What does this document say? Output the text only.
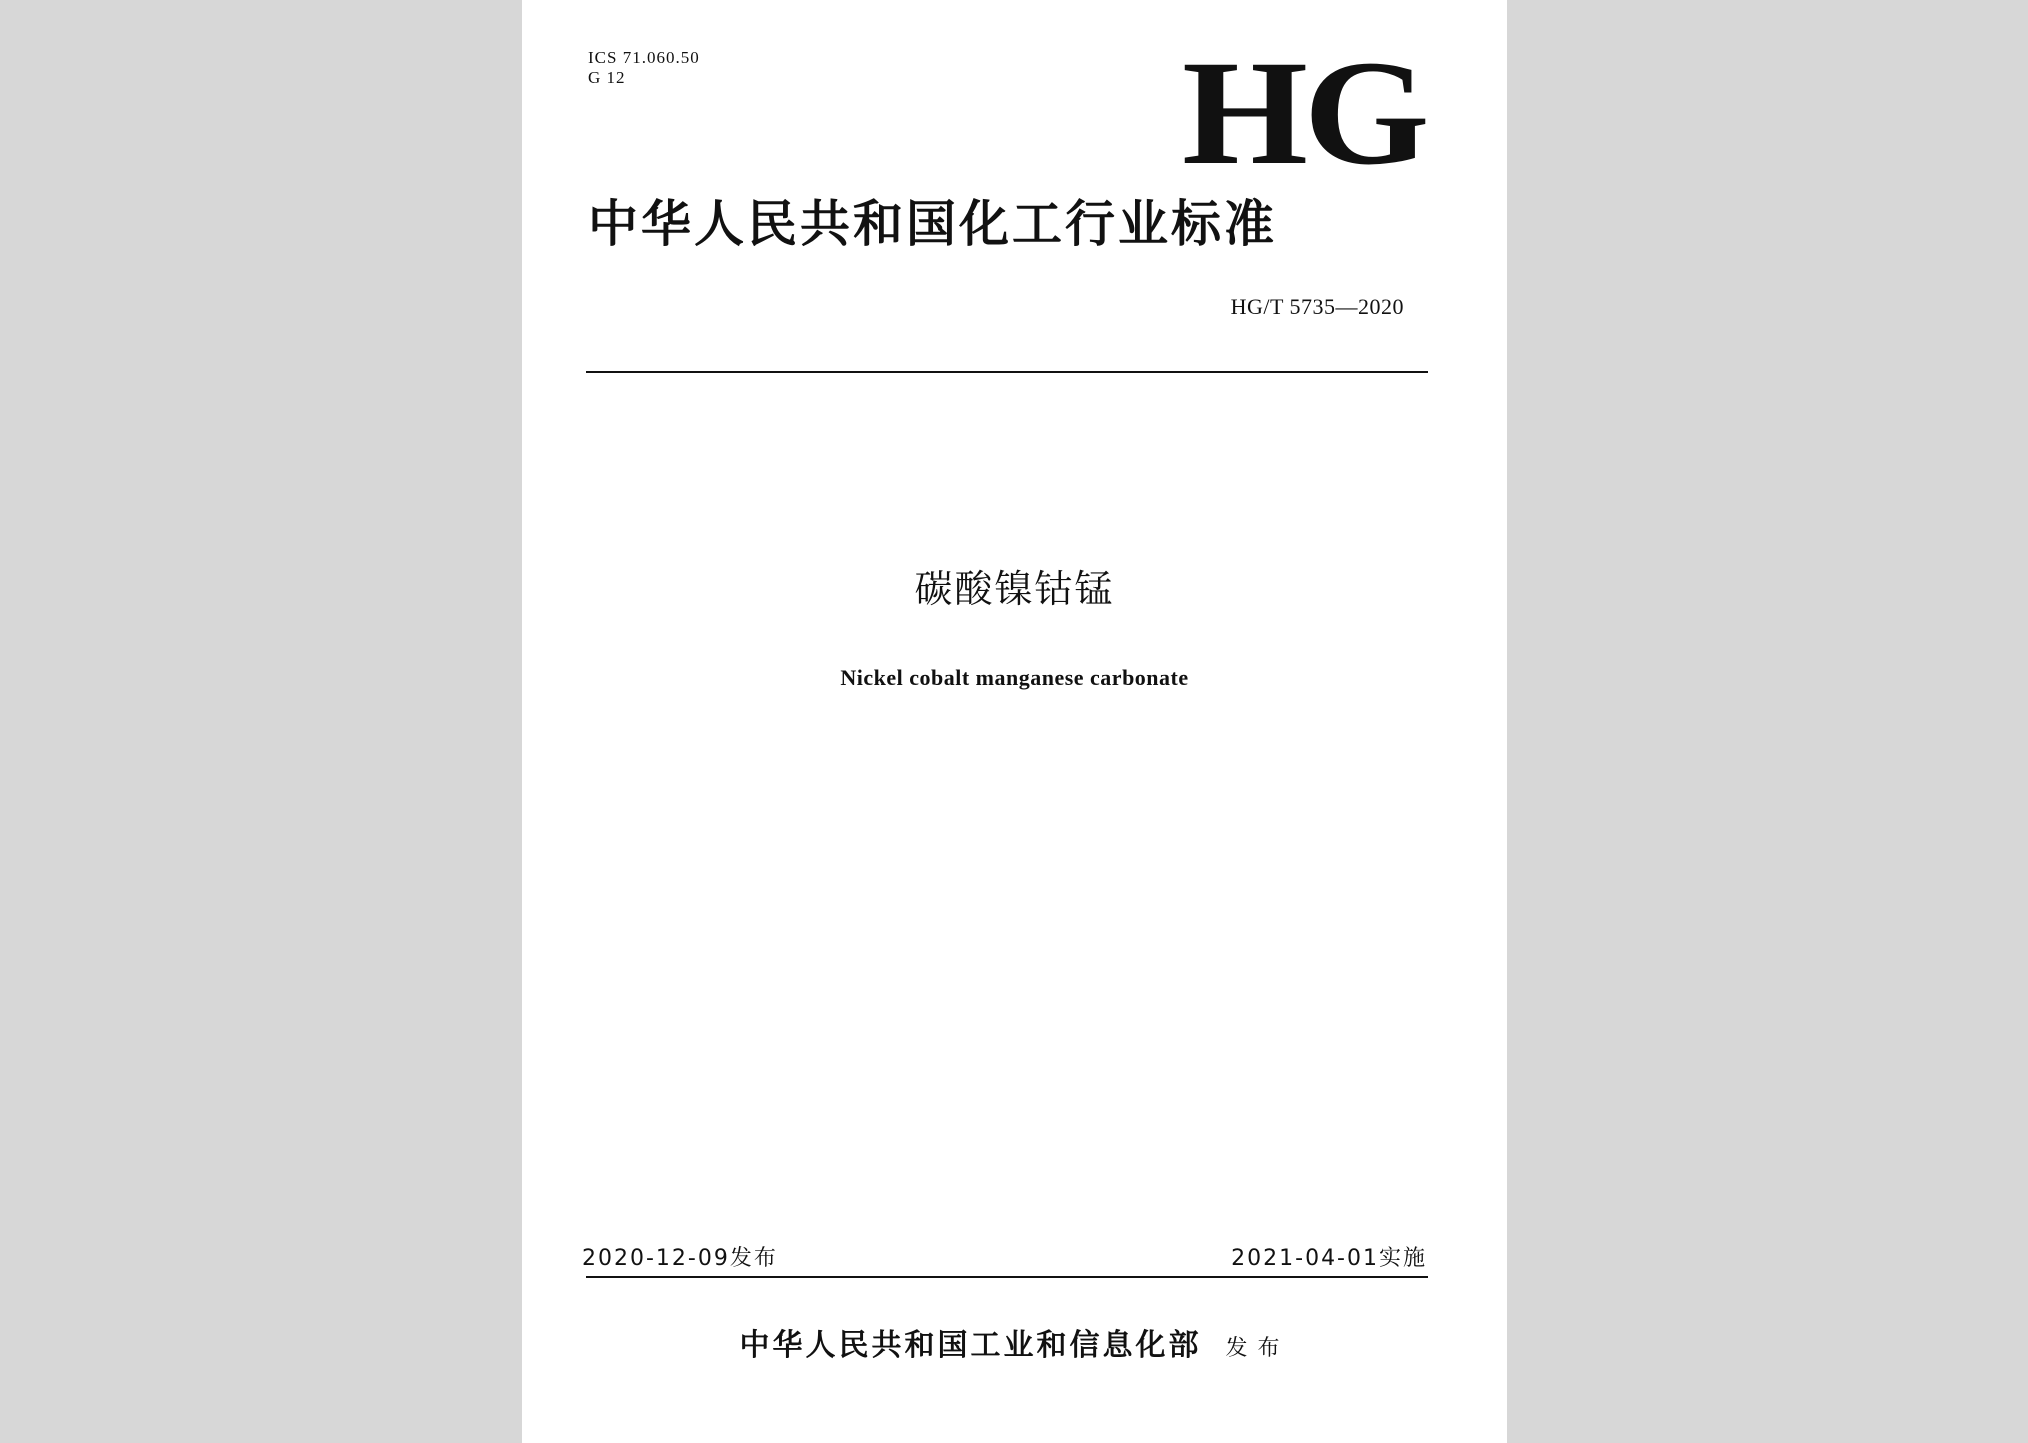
ICS 71.060.50
G 12	HG
中华人民共和国化工行业标准
HG/T 5735—2020
碳酸镍钴锰
Nickel cobalt manganese carbonate
2020-12-09发布	2021-04-01实施
中华人民共和国工业和信息化部 发布
